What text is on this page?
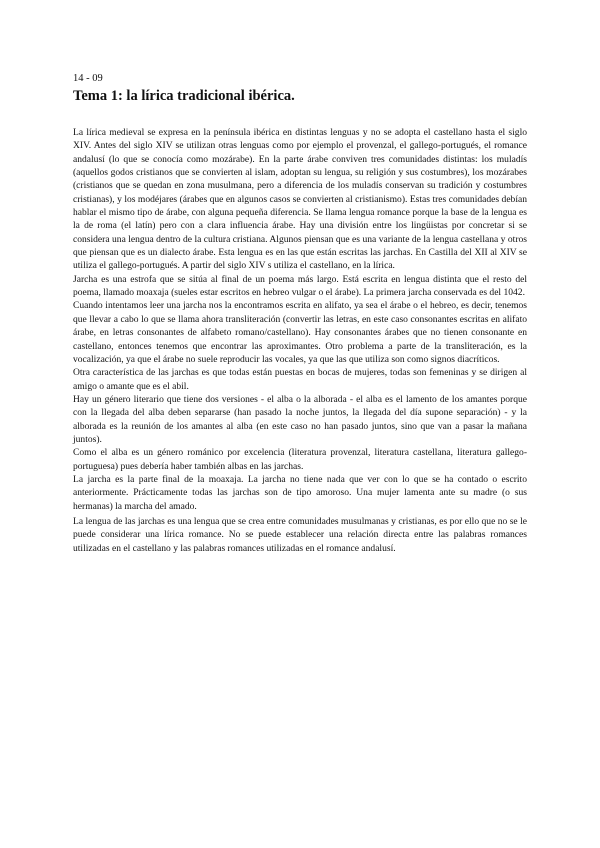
14 - 09
Tema 1: la lírica tradicional ibérica.

La lírica medieval se expresa en la península ibérica en distintas lenguas y no se adopta el castellano hasta el siglo XIV. Antes del siglo XIV se utilizan otras lenguas como por ejemplo el provenzal, el gallego-portugués, el romance andalusí (lo que se conocía como mozárabe). En la parte árabe conviven tres comunidades distintas: los muladís (aquellos godos cristianos que se convierten al islam, adoptan su lengua, su religión y sus costumbres), los mozárabes (cristianos que se quedan en zona musulmana, pero a diferencia de los muladís conservan su tradición y costumbres cristianas), y los modéjares (árabes que en algunos casos se convierten al cristianismo). Estas tres comunidades debían hablar el mismo tipo de árabe, con alguna pequeña diferencia. Se llama lengua romance porque la base de la lengua es la de roma (el latín) pero con a clara influencia árabe. Hay una división entre los lingüistas por concretar si se considera una lengua dentro de la cultura cristiana. Algunos piensan que es una variante de la lengua castellana y otros que piensan que es un dialecto árabe. Esta lengua es en las que están escritas las jarchas. En Castilla del XII al XIV se utiliza el gallego-portugués. A partir del siglo XIV s utiliza el castellano, en la lírica.

Jarcha es una estrofa que se sitúa al final de un poema más largo. Está escrita en lengua distinta que el resto del poema, llamado moaxaja (sueles estar escritos en hebreo vulgar o el árabe). La primera jarcha conservada es del 1042.

Cuando intentamos leer una jarcha nos la encontramos escrita en alifato, ya sea el árabe o el hebreo, es decir, tenemos que llevar a cabo lo que se llama ahora transliteración (convertir las letras, en este caso consonantes escritas en alifato árabe, en letras consonantes de alfabeto romano/castellano). Hay consonantes árabes que no tienen consonante en castellano, entonces tenemos que encontrar las aproximantes. Otro problema a parte de la transliteración, es la vocalización, ya que el árabe no suele reproducir las vocales, ya que las que utiliza son como signos diacríticos.

Otra característica de las jarchas es que todas están puestas en bocas de mujeres, todas son femeninas y se dirigen al amigo o amante que es el abil.

Hay un género literario que tiene dos versiones - el alba o la alborada - el alba es el lamento de los amantes porque con la llegada del alba deben separarse (han pasado la noche juntos, la llegada del día supone separación) - y la alborada es la reunión de los amantes al alba (en este caso no han pasado juntos, sino que van a pasar la mañana juntos).

Como el alba es un género románico por excelencia (literatura provenzal, literatura castellana, literatura gallego-portuguesa) pues debería haber también albas en las jarchas.

La jarcha es la parte final de la moaxaja. La jarcha no tiene nada que ver con lo que se ha contado o escrito anteriormente. Prácticamente todas las jarchas son de tipo amoroso. Una mujer lamenta ante su madre (o sus hermanas) la marcha del amado.

La lengua de las jarchas es una lengua que se crea entre comunidades musulmanas y cristianas, es por ello que no se le puede considerar una lírica romance. No se puede establecer una relación directa entre las palabras romances utilizadas en el castellano y las palabras romances utilizadas en el romance andalusí.
